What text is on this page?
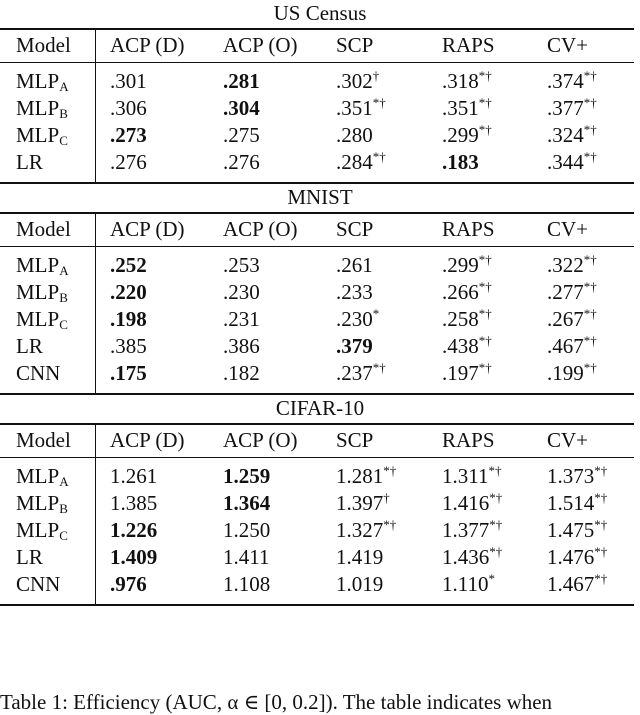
US Census
Model	ACP (D)	ACP (O)	SCP	RAPS	CV+

$MLP_A$	.301	.281	.302†	.318*†	.374*†
$MLP_B$	.306	.304	.351*†	.351*†	.377*†
$MLP_C$	.273	.275	.280	.299*†	.324*†
LR	.276	.276	.284*†	.183	.344*†

MNIST
Model	ACP (D)	ACP (O)	SCP	RAPS	CV+

$MLP_A$	.252	.253	.261	.299*†	.322*†
$MLP_B$	.220	.230	.233	.266*†	.277*†
$MLP_C$	.198	.231	.230*	.258*†	.267*†
LR	.385	.386	.379	.438*†	.467*†
CNN	.175	.182	.237*†	.197*†	.199*†

CIFAR-10
Model	ACP (D)	ACP (O)	SCP	RAPS	CV+

$MLP_A$	1.261	1.259	1.281*†	1.311*†	1.373*†
$MLP_B$	1.385	1.364	1.397†	1.416*†	1.514*†
$MLP_C$	1.226	1.250	1.327*†	1.377*†	1.475*†
LR	1.409	1.411	1.419	1.436*†	1.476*†
CNN	.976	1.108	1.019	1.110*	1.467*†

Table 1: Efficiency (AUC, α ∈ [0, 0.2]). The table indicates when
